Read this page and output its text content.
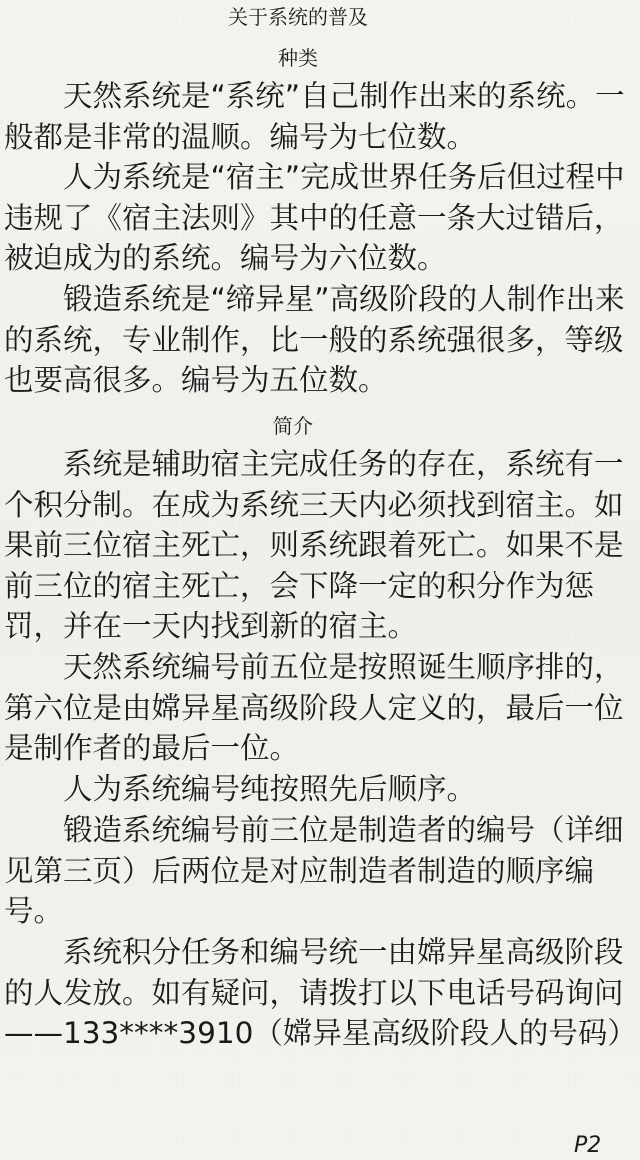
关于系统的普及
种类

天然系统是“系统”自己制作出来的系统。一般都是非常的温顺。编号为七位数。

人为系统是“宿主”完成世界任务后但过程中违规了《宿主法则》其中的任意一条大过错后，被迫成为的系统。编号为六位数。

锻造系统是“缔异星”高级阶段的人制作出来的系统，专业制作，比一般的系统强很多，等级也要高很多。编号为五位数。

简介

系统是辅助宿主完成任务的存在，系统有一个积分制。在成为系统三天内必须找到宿主。如果前三位宿主死亡，则系统跟着死亡。如果不是前三位的宿主死亡，会下降一定的积分作为惩罚，并在一天内找到新的宿主。

天然系统编号前五位是按照诞生顺序排的，第六位是由嫦异星高级阶段人定义的，最后一位是制作者的最后一位。

人为系统编号纯按照先后顺序。

锻造系统编号前三位是制造者的编号（详细见第三页）后两位是对应制造者制造的顺序编号。

系统积分任务和编号统一由嫦异星高级阶段的人发放。如有疑问，请拨打以下电话号码询问——133****3910（嫦异星高级阶段人的号码）

P2
